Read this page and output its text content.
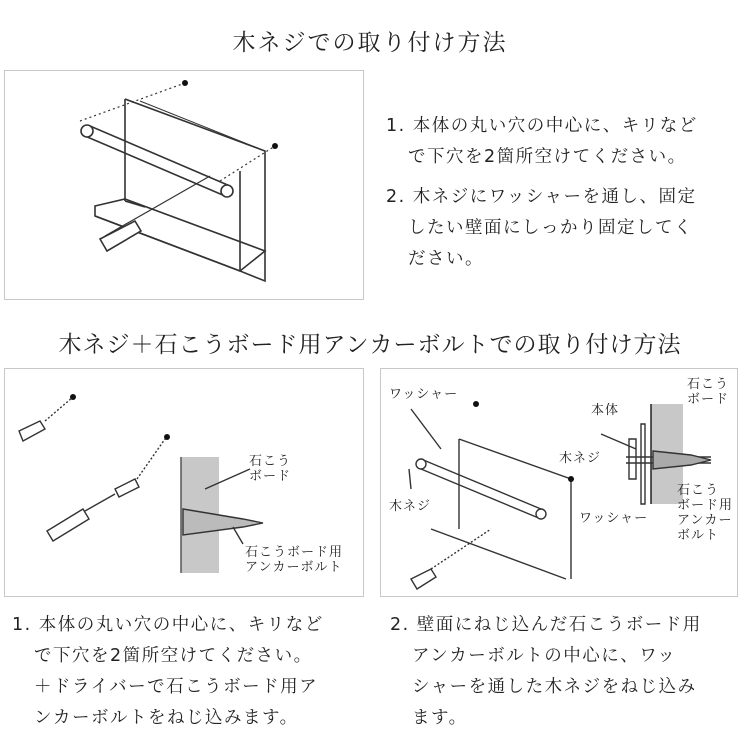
木ネジでの取り付け方法
1. 本体の丸い穴の中心に、キリなど
で下穴を2箇所空けてください。
2. 木ネジにワッシャーを通し、固定
したい壁面にしっかり固定してく
ださい。
木ネジ＋石こうボード用アンカーボルトでの取り付け方法
石こう
ボード
石こうボード用
アンカーボルト
ワッシャー
木ネジ
石こう
ボード
本体
木ネジ
ワッシャー
石こう
ボード用
アンカー
ボルト
1. 本体の丸い穴の中心に、キリなど
で下穴を2箇所空けてください。
＋ドライバーで石こうボード用ア
ンカーボルトをねじ込みます。
2. 壁面にねじ込んだ石こうボード用
アンカーボルトの中心に、ワッ
シャーを通した木ネジをねじ込み
ます。
